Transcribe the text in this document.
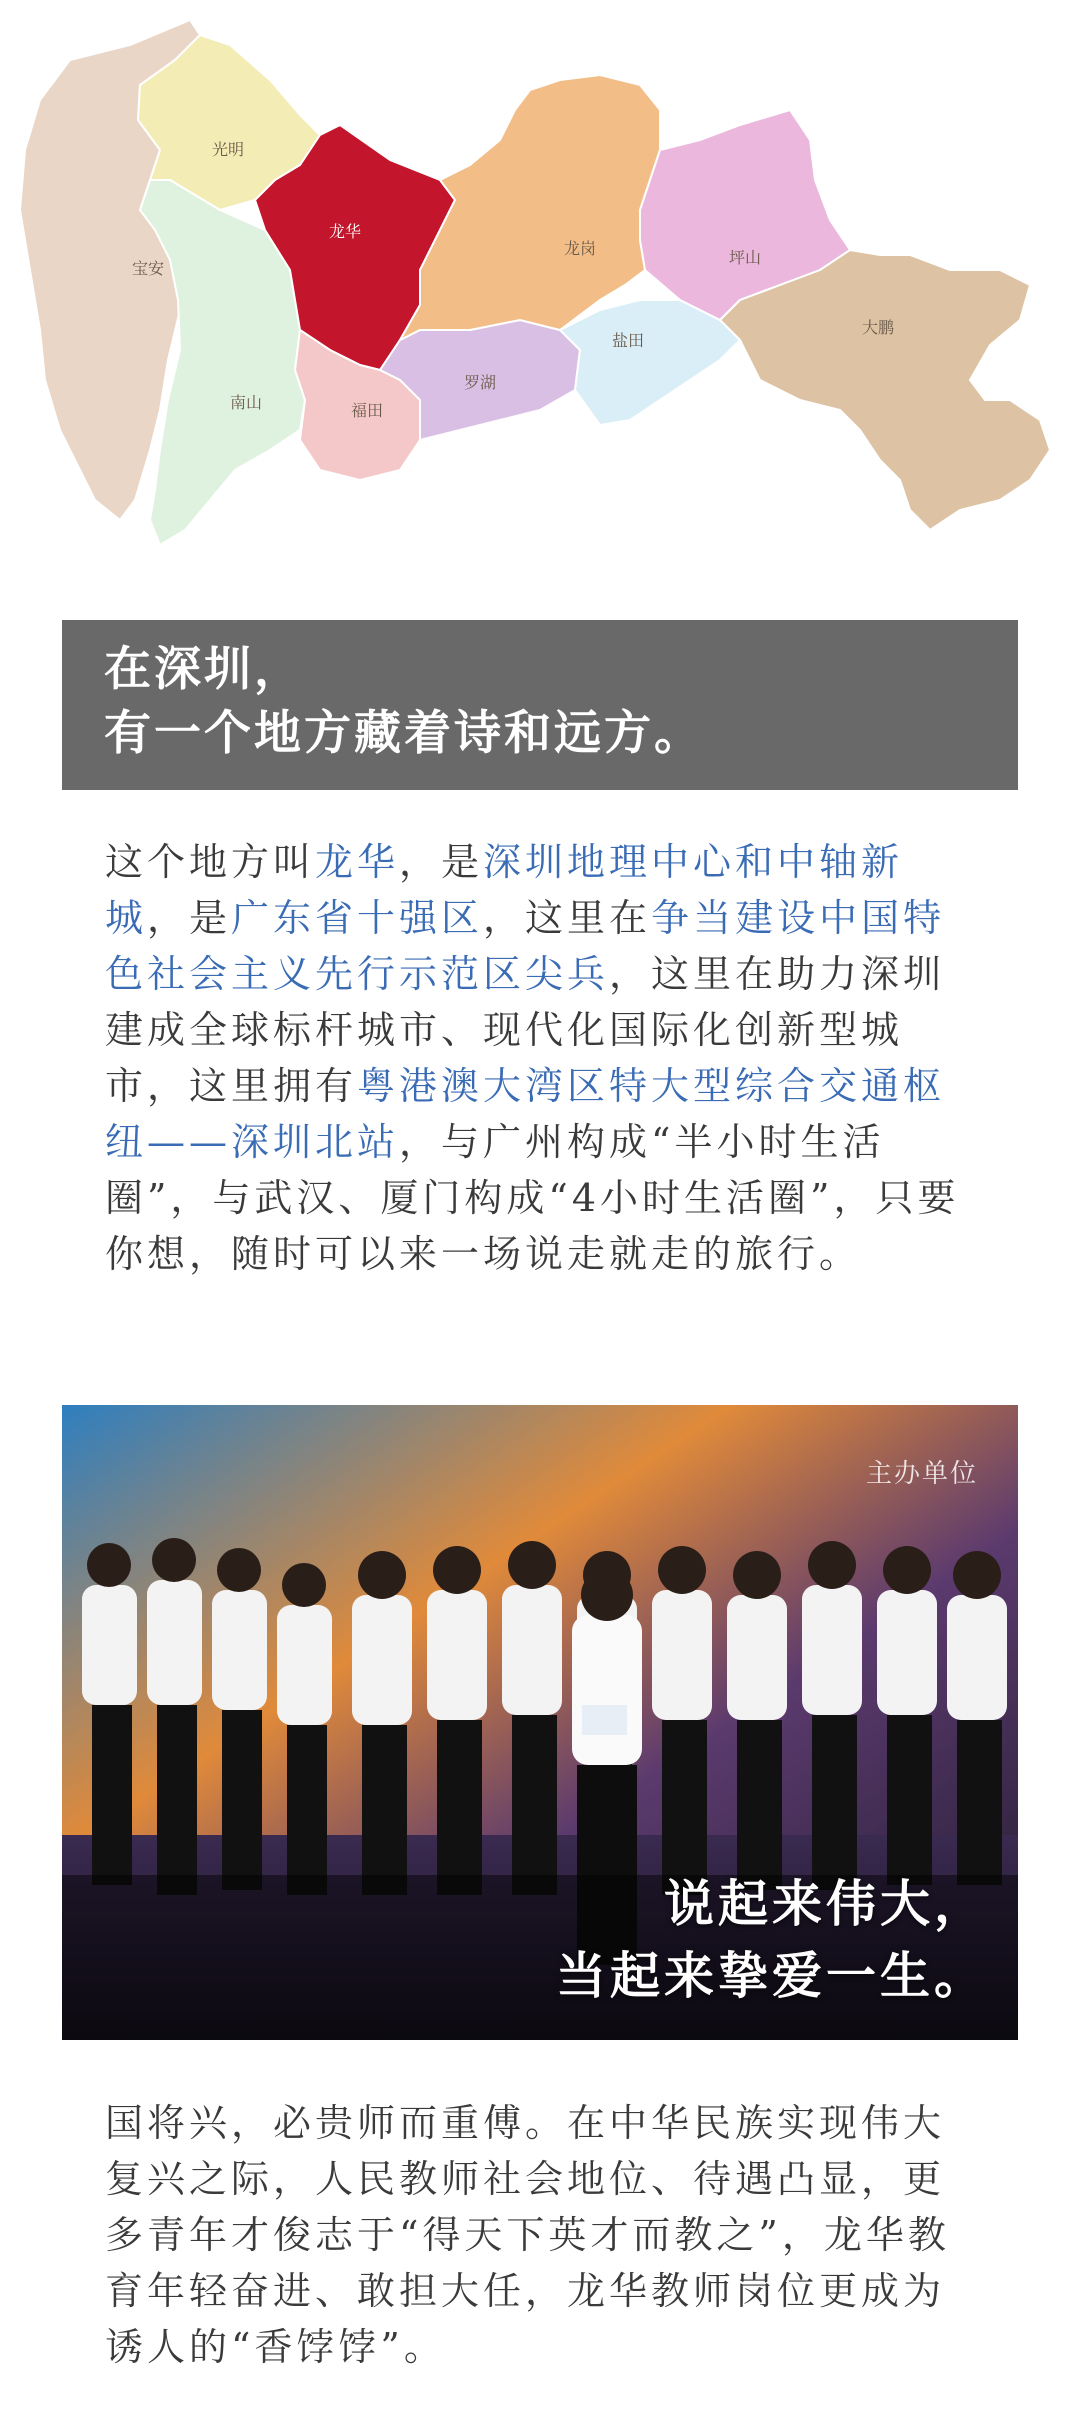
光明
宝安
龙华
龙岗	坪山
大鹏
南山	福田
罗湖
盐田
在深圳，
有一个地方藏着诗和远方。
这个地方叫龙华，是深圳地理中心和中轴新城，是广东省十强区，这里在争当建设中国特色社会主义先行示范区尖兵，这里在助力深圳建成全球标杆城市、现代化国际化创新型城市，这里拥有粤港澳大湾区特大型综合交通枢纽——深圳北站，与广州构成“半小时生活圈”，与武汉、厦门构成“4小时生活圈”，只要你想，随时可以来一场说走就走的旅行。
主办单位
说起来伟大，
当起来挚爱一生。
国将兴，必贵师而重傅。在中华民族实现伟大复兴之际，人民教师社会地位、待遇凸显，更多青年才俊志于“得天下英才而教之”，龙华教育年轻奋进、敢担大任，龙华教师岗位更成为诱人的“香饽饽”。
